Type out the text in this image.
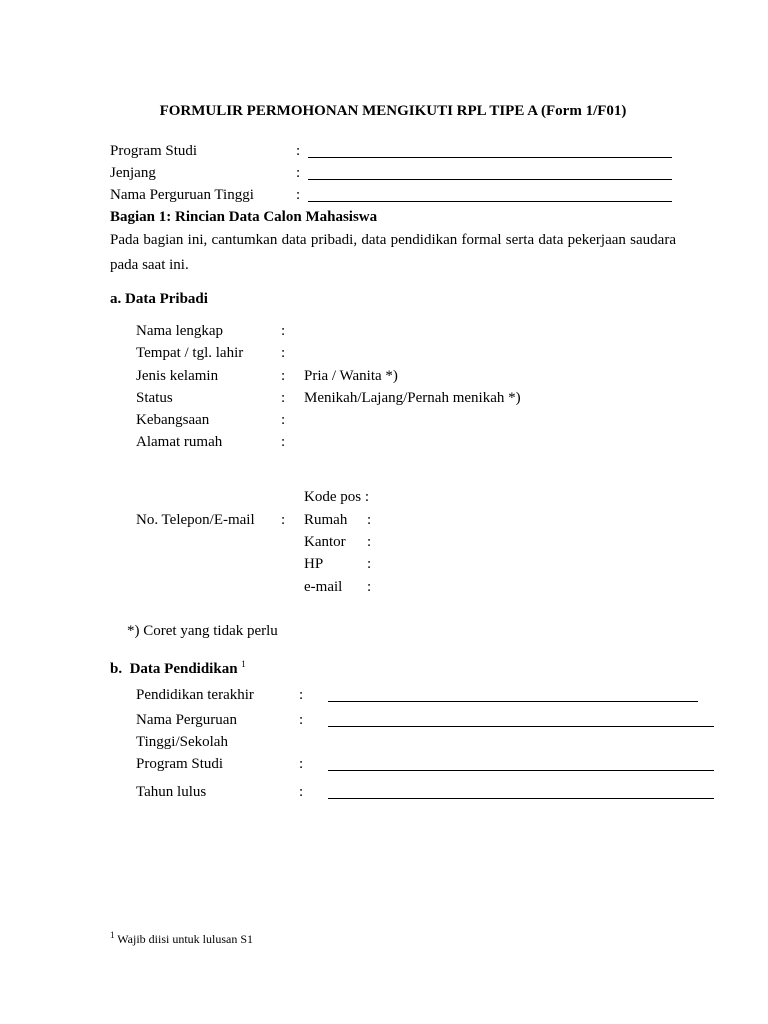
FORMULIR PERMOHONAN MENGIKUTI RPL TIPE A (Form 1/F01)
Program Studi	:
Jenjang	:
Nama Perguruan Tinggi	:
Bagian 1: Rincian Data Calon Mahasiswa
Pada bagian ini, cantumkan data pribadi, data pendidikan formal serta data pekerjaan saudara pada saat ini.
a. Data Pribadi
Nama lengkap	:
Tempat / tgl. lahir	:
Jenis kelamin	: Pria / Wanita *)
Status	: Menikah/Lajang/Pernah menikah *)
Kebangsaan	:
Alamat rumah	:
Kode pos :
No. Telepon/E-mail : Rumah :
Kantor :
HP	:
e-mail :
*) Coret yang tidak perlu
b. Data Pendidikan $^1$
Pendidikan terakhir	:
Nama Perguruan
Tinggi/Sekolah
:
Program Studi	:
Tahun lulus	:
$^1$ Wajib diisi untuk lulusan S1
